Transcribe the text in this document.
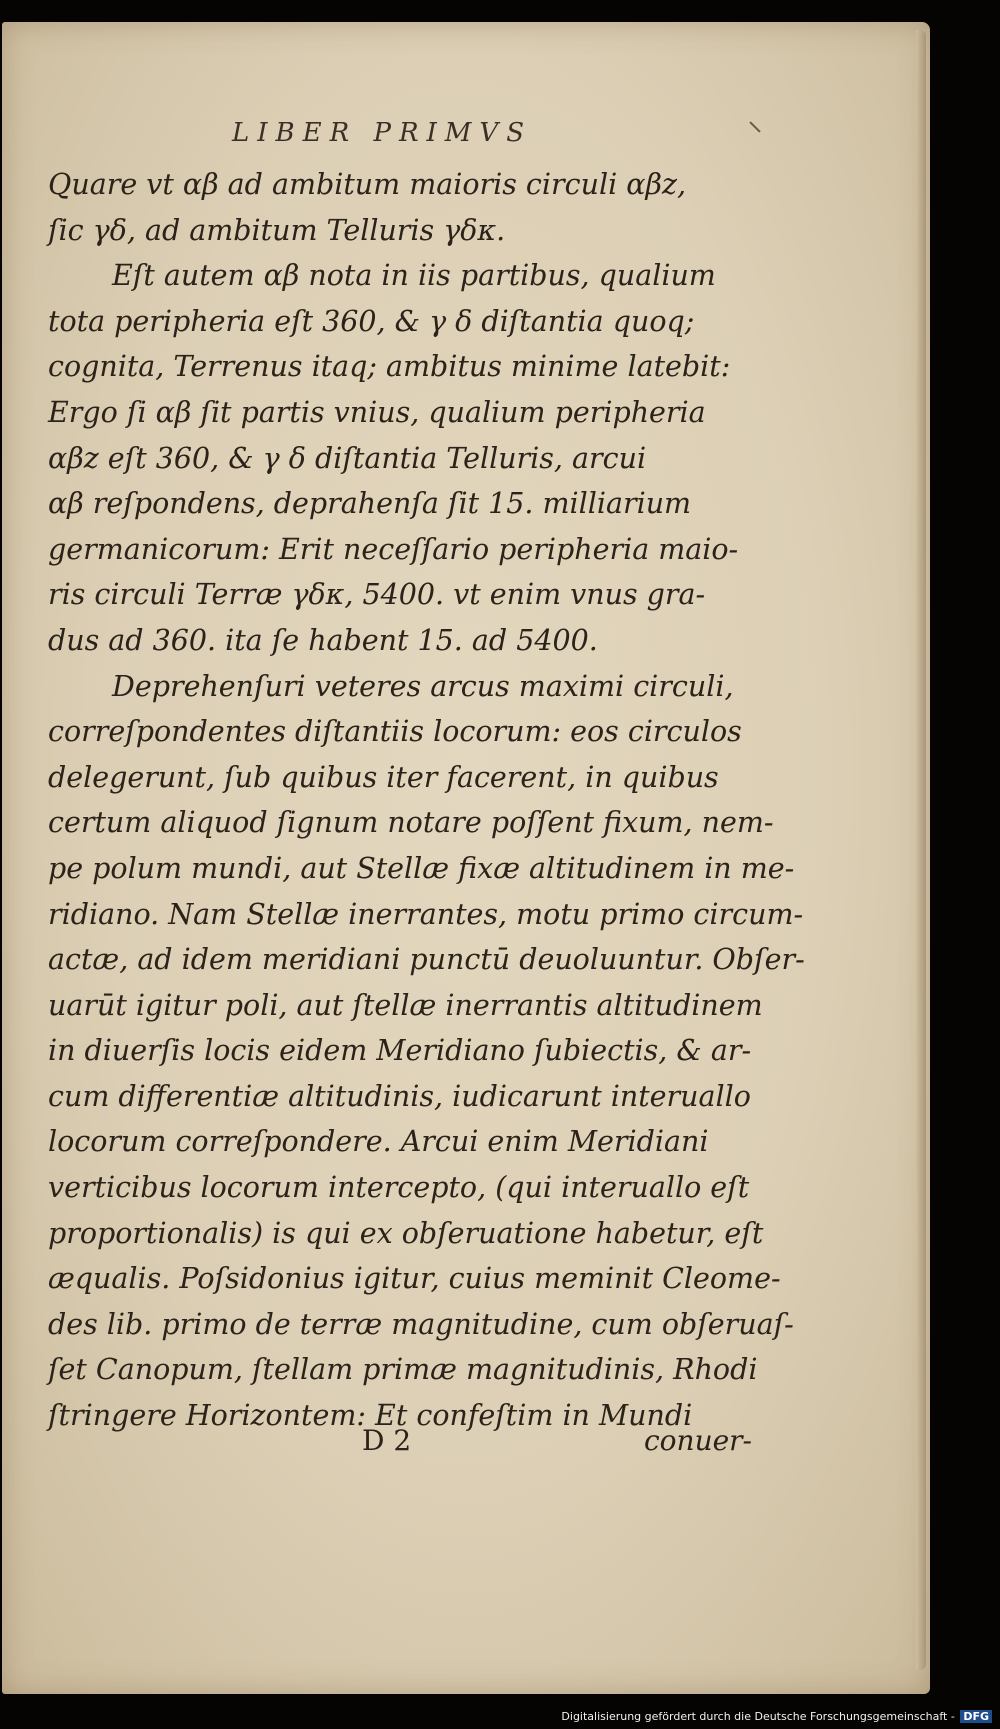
LIBER PRIMVS
Quare vt αβ ad ambitum maioris circuli αβz,
ſic γδ, ad ambitum Telluris γδκ.
Eſt autem αβ nota in iis partibus, qualium
tota peripheria eſt 360, & γ δ diſtantia quoq;
cognita, Terrenus itaq; ambitus minime latebit:
Ergo ſi αβ ſit partis vnius, qualium peripheria
αβz eſt 360, & γ δ diſtantia Telluris, arcui
αβ reſpondens, deprahenſa ſit 15. milliarium
germanicorum: Erit neceſſario peripheria maio-
ris circuli Terræ γδκ, 5400. vt enim vnus gra-
dus ad 360. ita ſe habent 15. ad 5400.
Deprehenſuri veteres arcus maximi circuli,
correſpondentes diſtantiis locorum: eos circulos
delegerunt, ſub quibus iter facerent, in quibus
certum aliquod ſignum notare poſſent fixum, nem-
pe polum mundi, aut Stellæ fixæ altitudinem in me-
ridiano. Nam Stellæ inerrantes, motu primo circum-
actæ, ad idem meridiani punctū deuoluuntur. Obſer-
uarūt igitur poli, aut ſtellæ inerrantis altitudinem
in diuerſis locis eidem Meridiano ſubiectis, & ar-
cum differentiæ altitudinis, iudicarunt interuallo
locorum correſpondere. Arcui enim Meridiani
verticibus locorum intercepto, (qui interuallo eſt
proportionalis) is qui ex obſeruatione habetur, eſt
æqualis. Poſsidonius igitur, cuius meminit Cleome-
des lib. primo de terræ magnitudine, cum obſeruaſ-
ſet Canopum, ſtellam primæ magnitudinis, Rhodi
ſtringere Horizontem: Et confeſtim in Mundi
D 2	conuer-
Digitalisierung gefördert durch die Deutsche Forschungsgemeinschaft - DFG
